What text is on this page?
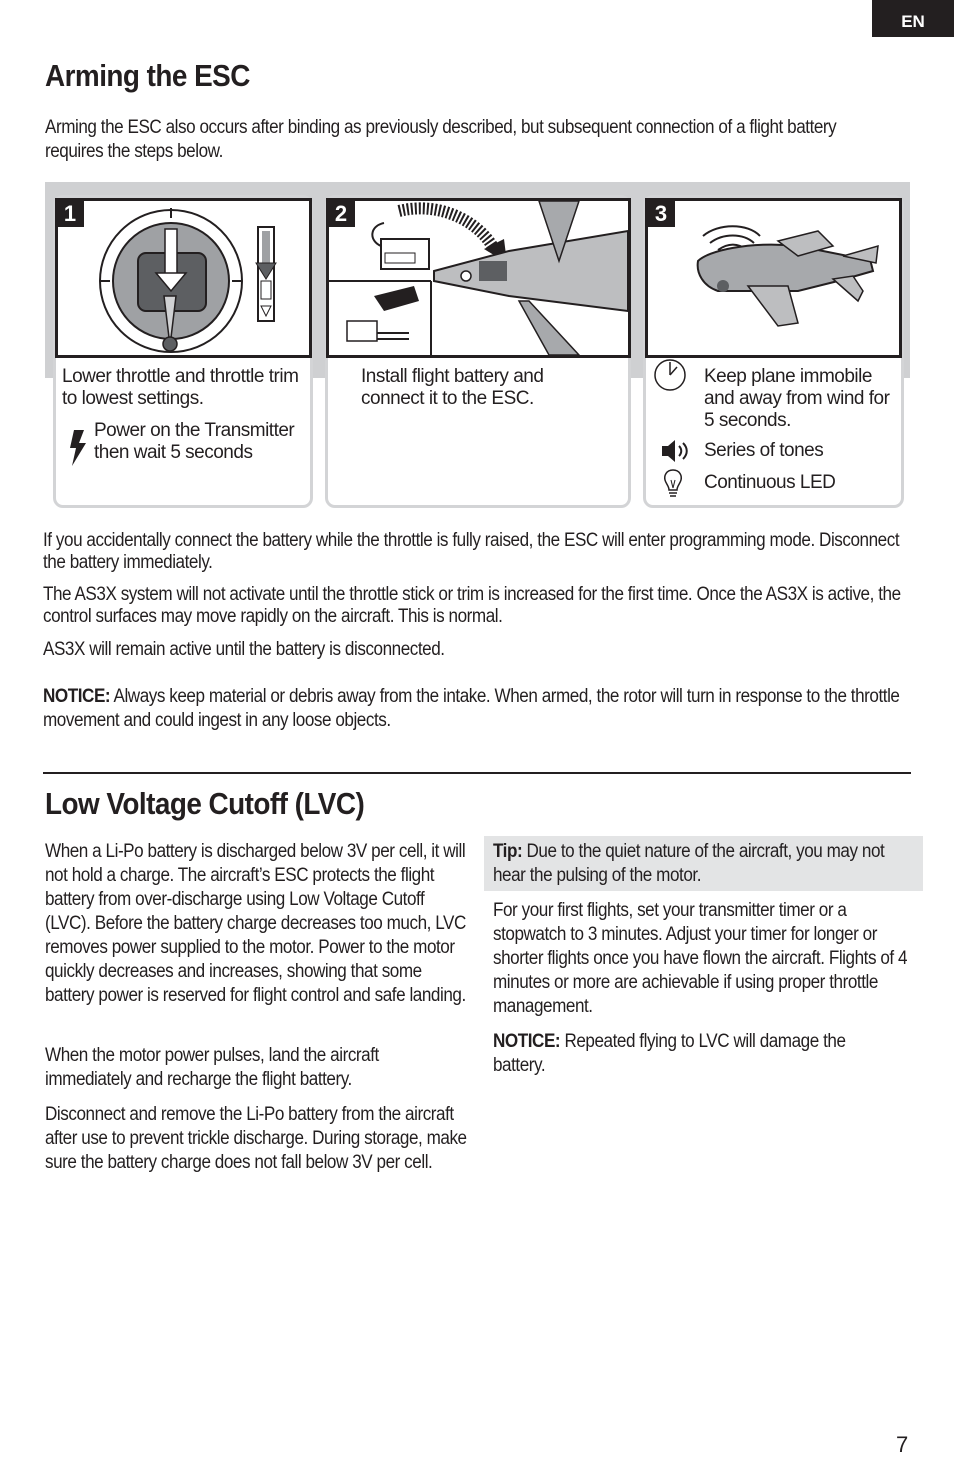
EN
Arming the ESC
Arming the ESC also occurs after binding as previously described, but subsequent connection of a flight battery requires the steps below.
1
Lower throttle and throttle trim to lowest settings.
Power on the Transmitter then wait 5 seconds
2
Install flight battery and connect it to the ESC.
3
Keep plane immobile and away from wind for 5 seconds.
Series of tones
Continuous LED
If you accidentally connect the battery while the throttle is fully raised, the ESC will enter programming mode. Disconnect the battery immediately.
The AS3X system will not activate until the throttle stick or trim is increased for the first time. Once the AS3X is active, the control surfaces may move rapidly on the aircraft. This is normal.
AS3X will remain active until the battery is disconnected.
NOTICE: Always keep material or debris away from the intake. When armed, the rotor will turn in response to the throttle movement and could ingest in any loose objects.
Low Voltage Cutoff (LVC)
When a Li-Po battery is discharged below 3V per cell, it will not hold a charge. The aircraft’s ESC protects the flight battery from over-discharge using Low Voltage Cutoff (LVC). Before the battery charge decreases too much, LVC removes power supplied to the motor. Power to the motor quickly decreases and increases, showing that some battery power is reserved for flight control and safe landing.
When the motor power pulses, land the aircraft immediately and recharge the flight battery.
Disconnect and remove the Li-Po battery from the aircraft after use to prevent trickle discharge. During storage, make sure the battery charge does not fall below 3V per cell.
Tip: Due to the quiet nature of the aircraft, you may not hear the pulsing of the motor.
For your first flights, set your transmitter timer or a stopwatch to 3 minutes. Adjust your timer for longer or shorter flights once you have flown the aircraft. Flights of 4 minutes or more are achievable if using proper throttle management.
NOTICE: Repeated flying to LVC will damage the battery.
7
